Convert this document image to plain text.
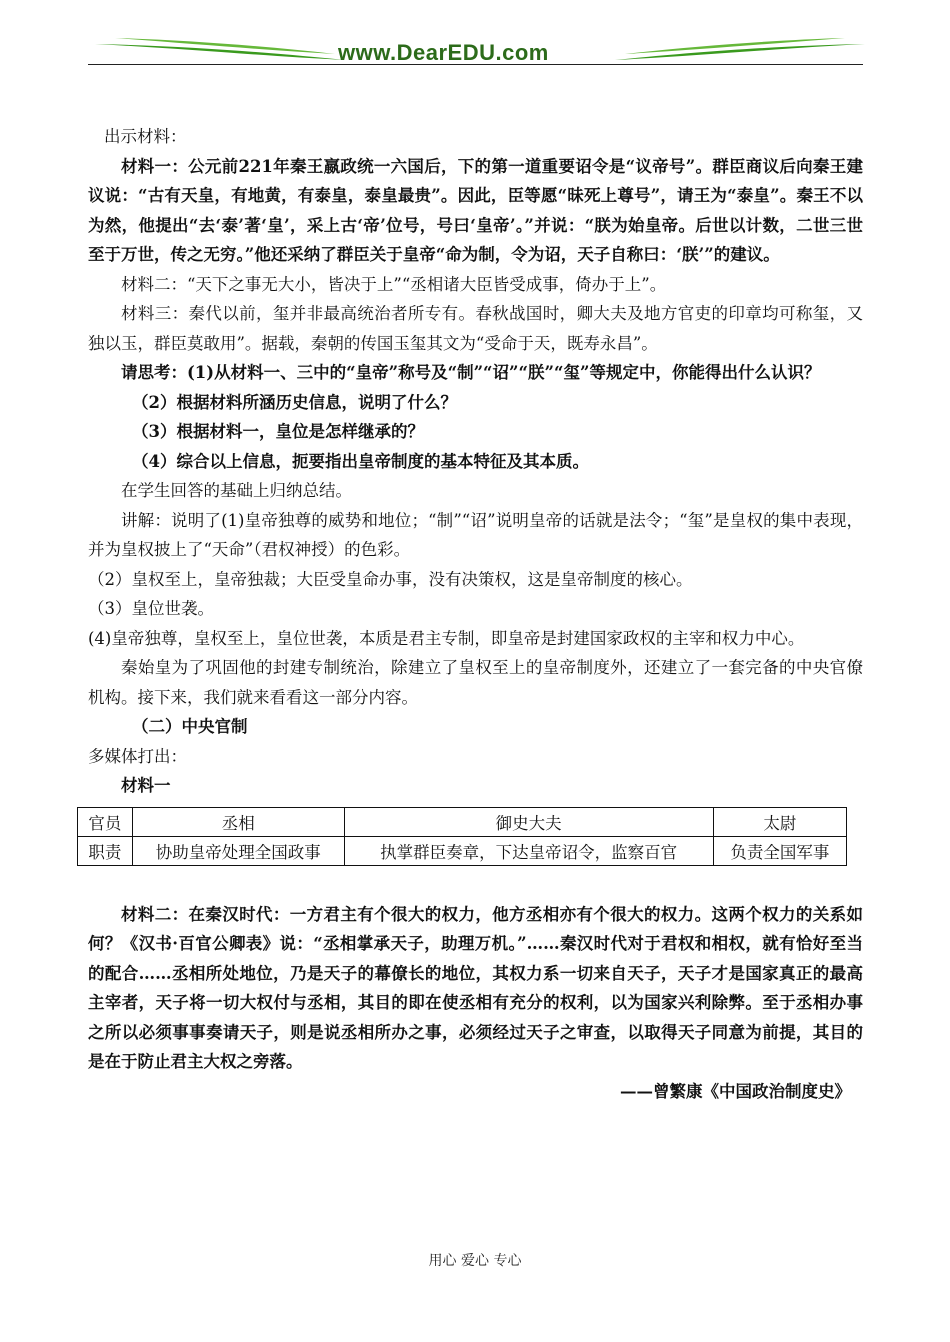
www.DearEDU.com

出示材料：

材料一：公元前221年秦王嬴政统一六国后，下的第一道重要诏令是“议帝号”。群臣商议后向秦王建议说：“古有天皇，有地黄，有泰皇，泰皇最贵”。因此，臣等愿“昧死上尊号”，请王为“泰皇”。秦王不以为然，他提出“去‘泰’著‘皇’，采上古‘帝’位号，号曰‘皇帝’。”并说：“朕为始皇帝。后世以计数，二世三世至于万世，传之无穷。”他还采纳了群臣关于皇帝“命为制，令为诏，天子自称曰：‘朕’”的建议。

材料二：“天下之事无大小，皆决于上”“丞相诸大臣皆受成事，倚办于上”。

材料三：秦代以前，玺并非最高统治者所专有。春秋战国时，卿大夫及地方官吏的印章均可称玺，又独以玉，群臣莫敢用”。据载，秦朝的传国玉玺其文为“受命于天，既寿永昌”。

请思考：(1)从材料一、三中的“皇帝”称号及“制”“诏”“朕”“玺”等规定中，你能得出什么认识？

（2）根据材料所涵历史信息，说明了什么？

（3）根据材料一，皇位是怎样继承的？

（4）综合以上信息，扼要指出皇帝制度的基本特征及其本质。

在学生回答的基础上归纳总结。

讲解：说明了(1)皇帝独尊的威势和地位；“制”“诏”说明皇帝的话就是法令；“玺”是皇权的集中表现，并为皇权披上了“天命”（君权神授）的色彩。

（2）皇权至上，皇帝独裁；大臣受皇命办事，没有决策权，这是皇帝制度的核心。

（3）皇位世袭。

(4)皇帝独尊，皇权至上，皇位世袭，本质是君主专制，即皇帝是封建国家政权的主宰和权力中心。

秦始皇为了巩固他的封建专制统治，除建立了皇权至上的皇帝制度外，还建立了一套完备的中央官僚机构。接下来，我们就来看看这一部分内容。

（二）中央官制

多媒体打出：

材料一

官员	丞相	御史大夫	太尉
职责	协助皇帝处理全国政事	执掌群臣奏章，下达皇帝诏令，监察百官	负责全国军事

材料二：在秦汉时代：一方君主有个很大的权力，他方丞相亦有个很大的权力。这两个权力的关系如何？《汉书·百官公卿表》说：“丞相掌承天子，助理万机。”……秦汉时代对于君权和相权，就有恰好至当的配合……丞相所处地位，乃是天子的幕僚长的地位，其权力系一切来自天子，天子才是国家真正的最高主宰者，天子将一切大权付与丞相，其目的即在使丞相有充分的权利，以为国家兴利除弊。至于丞相办事之所以必须事事奏请天子，则是说丞相所办之事，必须经过天子之审查，以取得天子同意为前提，其目的是在于防止君主大权之旁落。

——曾繁康《中国政治制度史》

用心 爱心 专心
